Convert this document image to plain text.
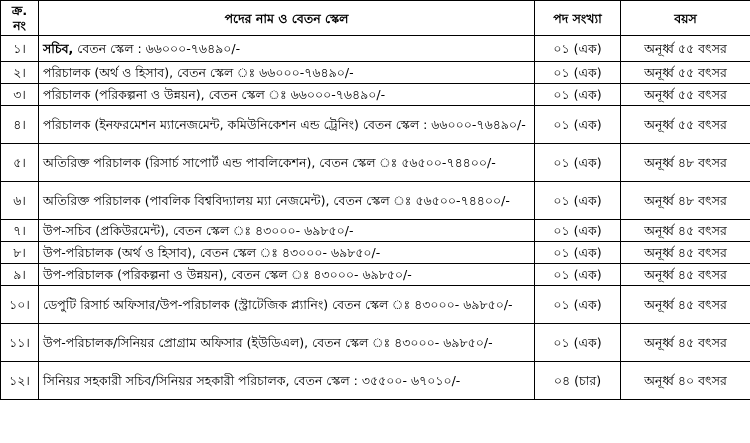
ক্র.
নং	পদের নাম ও বেতন স্কেল	পদ সংখ্যা	বয়স
১।	সচিব, বেতন স্কেল : ৬৬০০০-৭৬৪৯০/-	০১ (এক)	অনূর্ধ্ব ৫৫ বৎসর
২।	পরিচালক (অর্থ ও হিসাব), বেতন স্কেল ঃ ৬৬০০০-৭৬৪৯০/-	০১ (এক)	অনূর্ধ্ব ৫৫ বৎসর
৩।	পরিচালক (পরিকল্পনা ও উন্নয়ন), বেতন স্কেল ঃ ৬৬০০০-৭৬৪৯০/-	০১ (এক)	অনূর্ধ্ব ৫৫ বৎসর
৪।	পরিচালক (ইনফরমেশন ম্যানেজমেন্ট, কমিউনিকেশন এন্ড ট্রেনিং) বেতন স্কেল : ৬৬০০০-৭৬৪৯০/-	০১ (এক)	অনূর্ধ্ব ৫৫ বৎসর
৫।	অতিরিক্ত পরিচালক (রিসার্চ সাপোর্ট এন্ড পাবলিকেশন), বেতন স্কেল ঃ ৫৬৫০০-৭৪৪০০/-	০১ (এক)	অনূর্ধ্ব ৪৮ বৎসর
৬।	অতিরিক্ত পরিচালক (পাবলিক বিশ্ববিদ্যালয় ম্যা নেজমেন্ট), বেতন স্কেল ঃ ৫৬৫০০-৭৪৪০০/-	০১ (এক)	অনূর্ধ্ব ৪৮ বৎসর
৭।	উপ-সচিব (প্রকিউরমেন্ট), বেতন স্কেল ঃ ৪৩০০০- ৬৯৮৫০/-	০১ (এক)	অনূর্ধ্ব ৪৫ বৎসর
৮।	উপ-পরিচালক (অর্থ ও হিসাব), বেতন স্কেল ঃ ৪৩০০০- ৬৯৮৫০/-	০১ (এক)	অনূর্ধ্ব ৪৫ বৎসর
৯।	উপ-পরিচালক (পরিকল্পনা ও উন্নয়ন), বেতন স্কেল ঃ ৪৩০০০- ৬৯৮৫০/-	০১ (এক)	অনূর্ধ্ব ৪৫ বৎসর
১০।	ডেপুটি রিসার্চ অফিসার/উপ-পরিচালক (স্ট্রাটেজিক প্ল্যানিং) বেতন স্কেল ঃ ৪৩০০০- ৬৯৮৫০/-	০১ (এক)	অনূর্ধ্ব ৪৫ বৎসর
১১।	উপ-পরিচালক/সিনিয়র প্রোগ্রাম অফিসার (ইউডিএল), বেতন স্কেল ঃ ৪৩০০০- ৬৯৮৫০/-	০১ (এক)	অনূর্ধ্ব ৪৫ বৎসর
১২।	সিনিয়র সহকারী সচিব/সিনিয়র সহকারী পরিচালক, বেতন স্কেল : ৩৫৫০০- ৬৭০১০/-	০৪ (চার)	অনূর্ধ্ব ৪০ বৎসর
